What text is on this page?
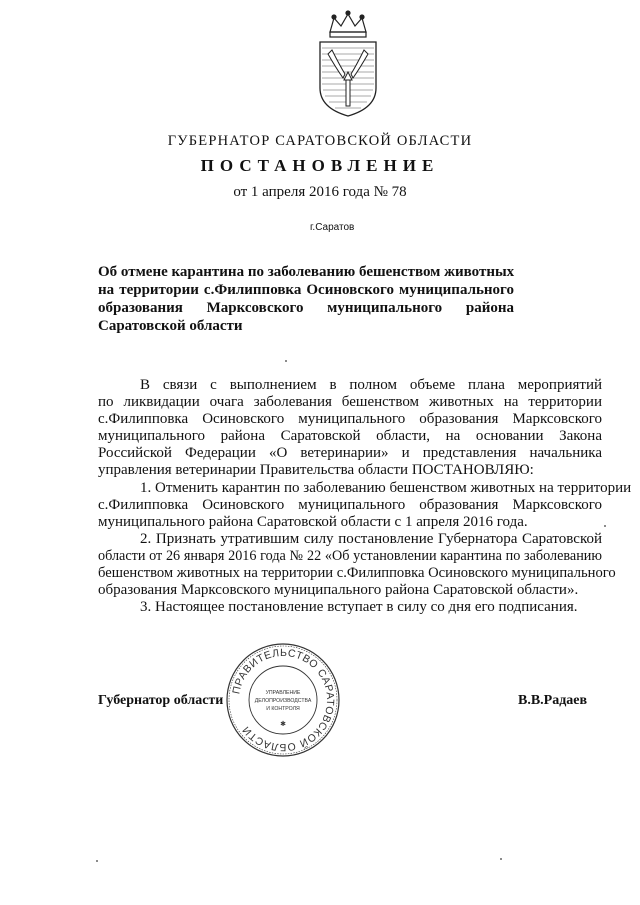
ГУБЕРНАТОР САРАТОВСКОЙ ОБЛАСТИ
ПОСТАНОВЛЕНИЕ
от 1 апреля 2016 года № 78
г.Саратов
Об отмене карантина по заболеванию бешенством животных
на территории с.Филипповка Осиновского муниципального
образования Марксовского муниципального района
Саратовской области
В связи с выполнением в полном объеме плана мероприятий
по ликвидации очага заболевания бешенством животных на территории
с.Филипповка Осиновского муниципального образования Марксовского
муниципального района Саратовской области, на основании Закона
Российской Федерации «О ветеринарии» и представления начальника
управления ветеринарии Правительства области ПОСТАНОВЛЯЮ:
1. Отменить карантин по заболеванию бешенством животных на территории
с.Филипповка Осиновского муниципального образования Марксовского
муниципального района Саратовской области с 1 апреля 2016 года.
2. Признать утратившим силу постановление Губернатора Саратовской
области от 26 января 2016 года № 22 «Об установлении карантина по заболеванию
бешенством животных на территории с.Филипповка Осиновского муниципального
образования Марксовского муниципального района Саратовской области».
3. Настоящее постановление вступает в силу со дня его подписания.
Губернатор области	В.В.Радаев
ПРАВИТЕЛЬСТВО САРАТОВСКОЙ ОБЛАСТИ
УПРАВЛЕНИЕ
ДЕЛОПРОИЗВОДСТВА
И КОНТРОЛЯ
✱
